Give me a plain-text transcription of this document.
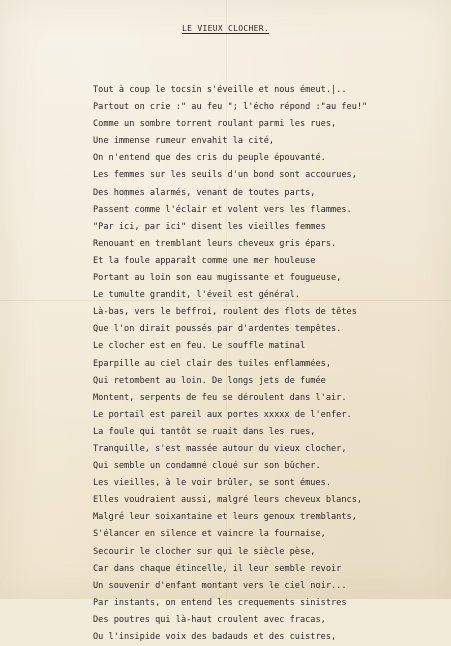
LE VIEUX CLOCHER.
Tout à coup le tocsin s'éveille et nous émeut.|..
Partout on crie :" au feu "; l'écho répond :"au feu!"
Comme un sombre torrent roulant parmi les rues,
Une immense rumeur envahit la cité,
On n'entend que des cris du peuple épouvanté.
Les femmes sur les seuils d'un bond sont accourues,
Des hommes alarmés, venant de toutes parts,
Passent comme l'éclair et volent vers les flammes.
"Par ici, par ici" disent les vieilles femmes
Renouant en tremblant leurs cheveux gris épars.
Et la foule apparaît comme une mer houleuse
Portant au loin son eau mugissante et fougueuse,
Le tumulte grandit, l'éveil est général.
Là-bas, vers le beffroi, roulent des flots de têtes
Que l'on dirait poussés par d'ardentes tempêtes.
Le clocher est en feu. Le souffle matinal
Eparpille au ciel clair des tuiles enflammées,
Qui retombent au loin. De longs jets de fumée
Montent, serpents de feu se déroulent dans l'air.
Le portail est pareil aux portes xxxxx de l'enfer.
La foule qui tantôt se ruait dans les rues,
Tranquille, s'est massée autour du vieux clocher,
Qui semble un condamné cloué sur son bûcher.
Les vieilles, à le voir brûler, se sont émues.
Elles voudraient aussi, malgré leurs cheveux blancs,
Malgré leur soixantaine et leurs genoux tremblants,
S'élancer en silence et vaincre la fournaise,
Secourir le clocher sur qui le siècle pèse,
Car dans chaque étincelle, il leur semble revoir
Un souvenir d'enfant montant vers le ciel noir...
Par instants, on entend les crequements sinistres
Des poutres qui là-haut croulent avec fracas,
Ou l'insipide voix des badauds et des cuistres,
